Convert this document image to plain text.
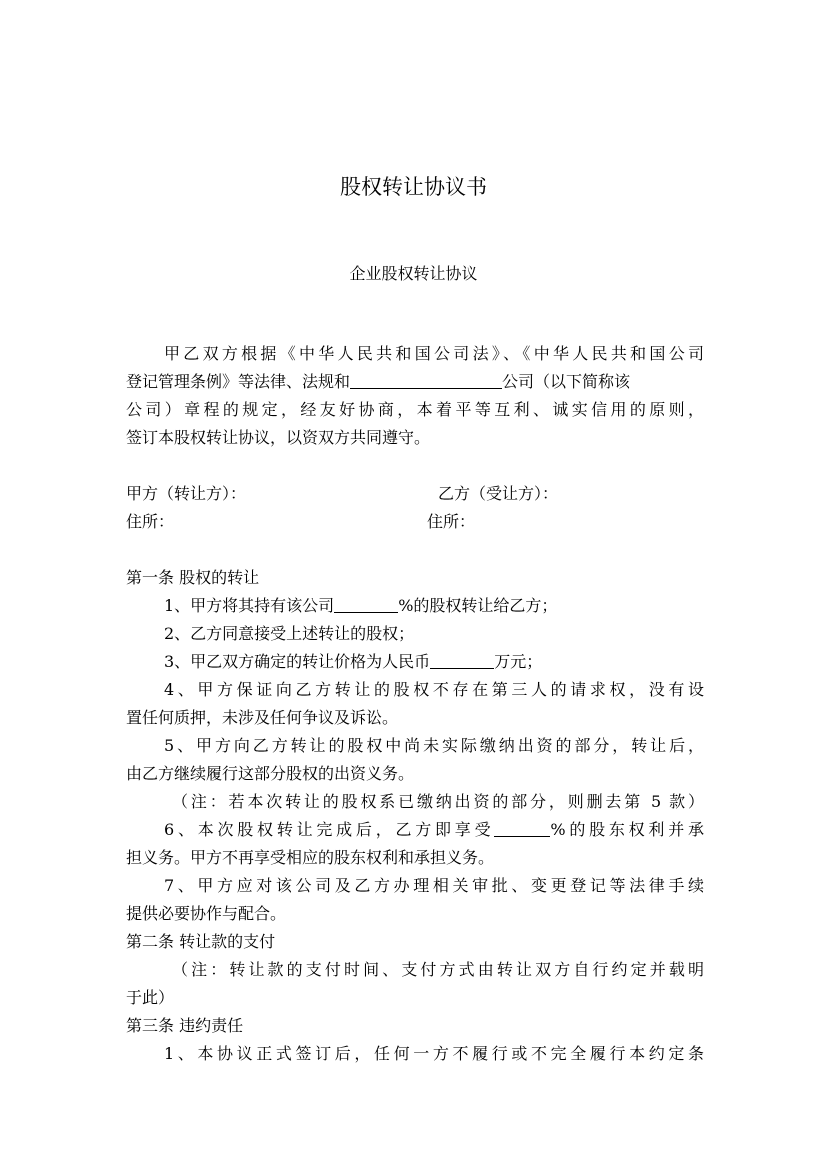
股权转让协议书
企业股权转让协议
甲乙双方根据《中华人民共和国公司法》、《中华人民共和国公司
登记管理条例》等法律、法规和	公司（以下简称该
公司）章程的规定，经友好协商，本着平等互利、诚实信用的原则，
签订本股权转让协议，以资双方共同遵守。
甲方（转让方）：	乙方（受让方）：
住所：	住所：
第一条 股权的转让
1、甲方将其持有该公司	%的股权转让给乙方；
2、乙方同意接受上述转让的股权；
3、甲乙双方确定的转让价格为人民币	万元；
4、甲方保证向乙方转让的股权不存在第三人的请求权，没有设
置任何质押，未涉及任何争议及诉讼。
5、甲方向乙方转让的股权中尚未实际缴纳出资的部分，转让后，
由乙方继续履行这部分股权的出资义务。
（注：若本次转让的股权系已缴纳出资的部分，则删去第 5 款）
6、本次股权转让完成后，乙方即享受	%的股东权利并承
担义务。甲方不再享受相应的股东权利和承担义务。
7、甲方应对该公司及乙方办理相关审批、变更登记等法律手续
提供必要协作与配合。
第二条 转让款的支付
（注：转让款的支付时间、支付方式由转让双方自行约定并载明
于此）
第三条 违约责任
1、本协议正式签订后，任何一方不履行或不完全履行本约定条
